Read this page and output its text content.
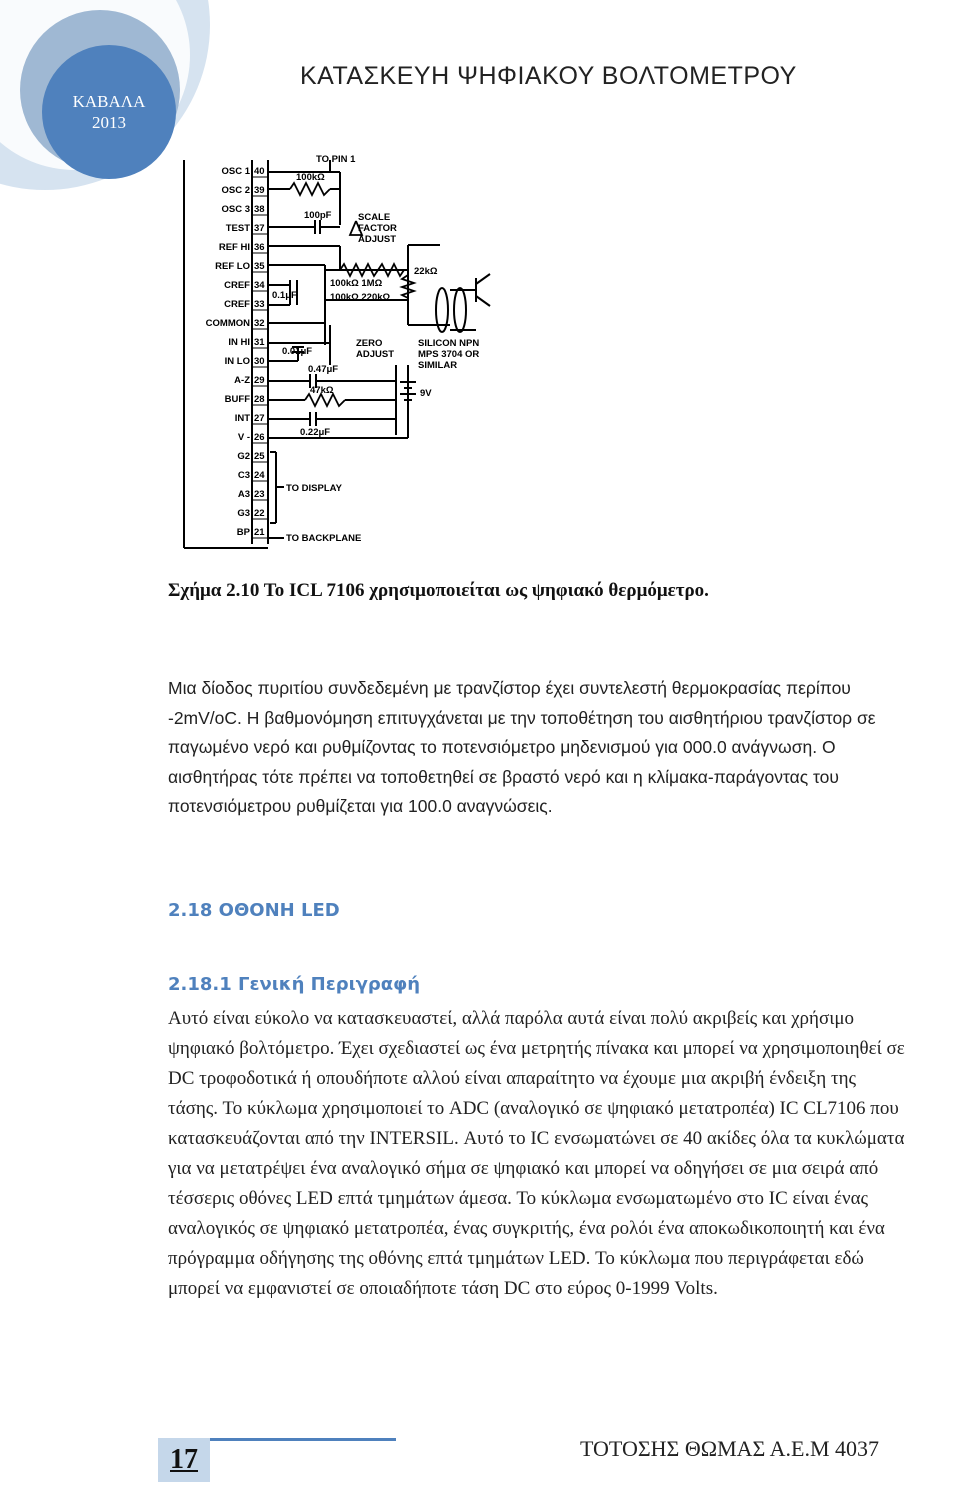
ΚΑΒΑΛΑ
2013
ΚΑΤΑΣΚΕΥΗ ΨΗΦΙΑΚΟΥ ΒΟΛΤΟΜΕΤΡΟΥ
TO PIN 1
100kΩ
100pF	SCALE
FACTOR
ADJUST
22kΩ
0.1μF
100kΩ 1MΩ
100kΩ 220kΩ
0.01μF
ZERO
ADJUST
SILICON NPN
MPS 3704 OR
SIMILAR
0.47μF
47kΩ	9V
0.22μF
TO DISPLAY
TO BACKPLANE
OSC 1 40
OSC 2 39
OSC 3 38
TEST 37
REF HI 36
REF LO 35
CREF 34
CREF 33
COMMON 32
IN HI 31
IN LO 30
A-Z 29
BUFF 28
INT 27
V - 26
G2 25
C3 24
A3 23
G3 22
BP 21
Σχήμα 2.10 Το ICL 7106 χρησιμοποιείται ως ψηφιακό θερμόμετρο.

Μια δίοδος πυριτίου συνδεδεμένη με τρανζίστορ έχει συντελεστή θερμοκρασίας περίπου -2mV/oC. Η βαθμονόμηση επιτυγχάνεται με την τοποθέτηση του αισθητήριου τρανζίστορ σε παγωμένο νερό και ρυθμίζοντας το ποτενσιόμετρο μηδενισμού για 000.0 ανάγνωση. Ο αισθητήρας τότε πρέπει να τοποθετηθεί σε βραστό νερό και η κλίμακα-παράγοντας του ποτενσιόμετρου ρυθμίζεται για 100.0 αναγνώσεις.

2.18 ΟΘΟΝΗ LED
2.18.1 Γενική Περιγραφή

Αυτό είναι εύκολο να κατασκευαστεί, αλλά παρόλα αυτά είναι πολύ ακριβείς και χρήσιμο ψηφιακό βολτόμετρο. Έχει σχεδιαστεί ως ένα μετρητής πίνακα και μπορεί να χρησιμοποιηθεί σε DC τροφοδοτικά ή οπουδήποτε αλλού είναι απαραίτητο να έχουμε μια ακριβή ένδειξη της τάσης. Το κύκλωμα χρησιμοποιεί το ADC (αναλογικό σε ψηφιακό μετατροπέα) IC CL7106 που κατασκευάζονται από την INTERSIL. Αυτό το IC ενσωματώνει σε 40 ακίδες όλα τα κυκλώματα για να μετατρέψει ένα αναλογικό σήμα σε ψηφιακό και μπορεί να οδηγήσει σε μια σειρά από τέσσερις οθόνες LED επτά τμημάτων άμεσα. Το κύκλωμα ενσωματωμένο στο IC είναι ένας αναλογικός σε ψηφιακό μετατροπέα, ένας συγκριτής, ένα ρολόι ένα αποκωδικοποιητή και ένα πρόγραμμα οδήγησης της οθόνης επτά τμημάτων LED. Το κύκλωμα που περιγράφεται εδώ μπορεί να εμφανιστεί σε οποιαδήποτε τάση DC στο εύρος 0-1999 Volts.

17	ΤΟΤΟΣΗΣ ΘΩΜΑΣ Α.Ε.Μ 4037
